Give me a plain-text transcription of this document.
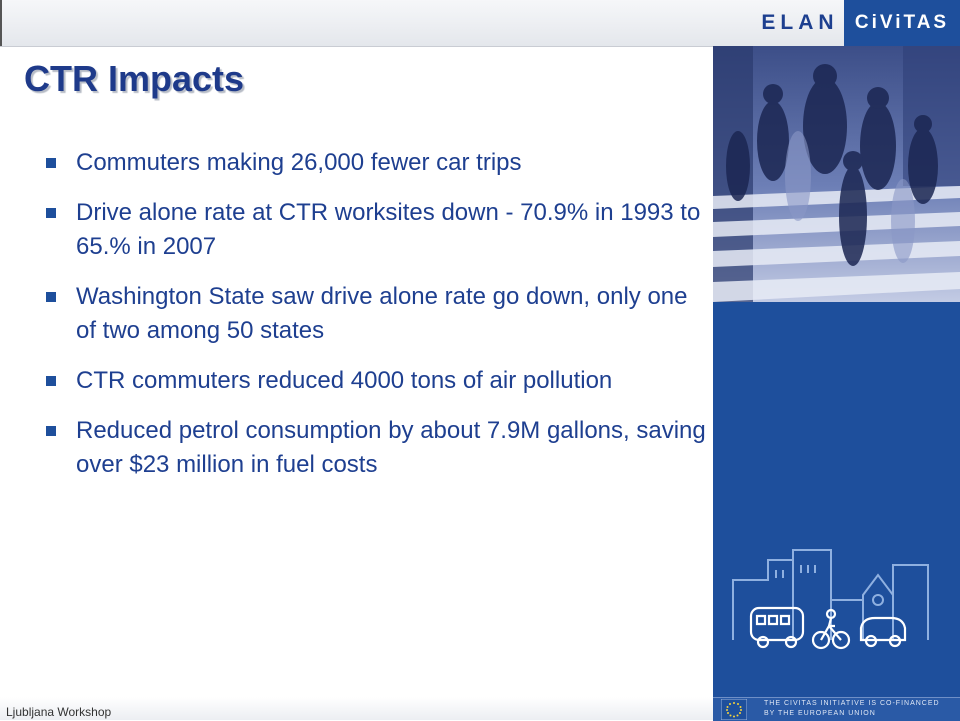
ELAN CiViTAS
CTR Impacts
Commuters making 26,000 fewer car trips
Drive alone rate at CTR worksites down - 70.9% in 1993 to 65.% in 2007
Washington State saw drive alone rate go down, only one of two among 50 states
CTR commuters reduced 4000 tons of air pollution
Reduced petrol consumption by about 7.9M gallons, saving over $23 million in fuel costs
Ljubljana Workshop
THE CIVITAS INITIATIVE IS CO-FINANCED
BY THE EUROPEAN UNION
